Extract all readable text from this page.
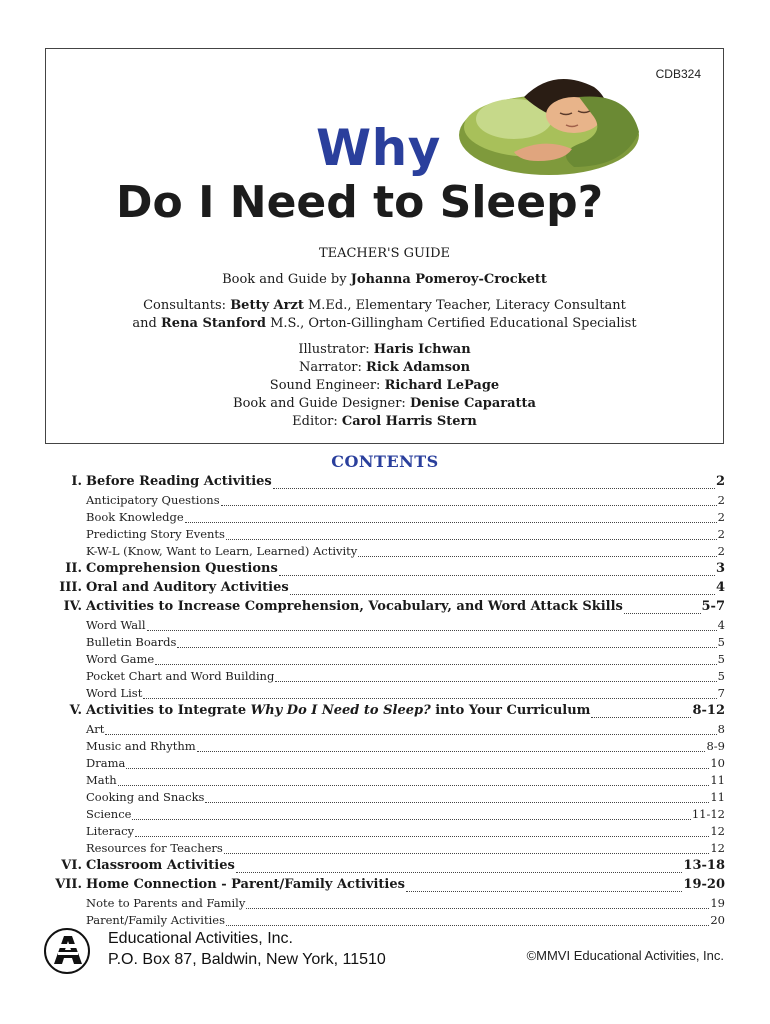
CDB324
Why
Do I Need to Sleep?

TEACHER'S GUIDE

Book and Guide by Johanna Pomeroy-Crockett

Consultants: Betty Arzt M.Ed., Elementary Teacher, Literacy Consultant

and Rena Stanford M.S., Orton-Gillingham Certified Educational Specialist

Illustrator: Haris Ichwan

Narrator: Rick Adamson

Sound Engineer: Richard LePage

Book and Guide Designer: Denise Caparatta

Editor: Carol Harris Stern

CONTENTS
I. Before Reading Activities	2
Anticipatory Questions	2
Book Knowledge	2
Predicting Story Events	2
K-W-L (Know, Want to Learn, Learned) Activity	2
II. Comprehension Questions	3
III. Oral and Auditory Activities	4
IV. Activities to Increase Comprehension, Vocabulary, and Word Attack Skills	5-7
Word Wall	4
Bulletin Boards	5
Word Game	5
Pocket Chart and Word Building	5
Word List	7
V. Activities to Integrate Why Do I Need to Sleep? into Your Curriculum	8-12
Art	8
Music and Rhythm	8-9
Drama	10
Math	11
Cooking and Snacks	11
Science	11-12
Literacy	12
Resources for Teachers	12
VI. Classroom Activities	13-18
VII. Home Connection - Parent/Family Activities	19-20
Note to Parents and Family	19
Parent/Family Activities	20
Educational Activities, Inc.
P.O. Box 87, Baldwin, New York, 11510	©MMVI Educational Activities, Inc.
